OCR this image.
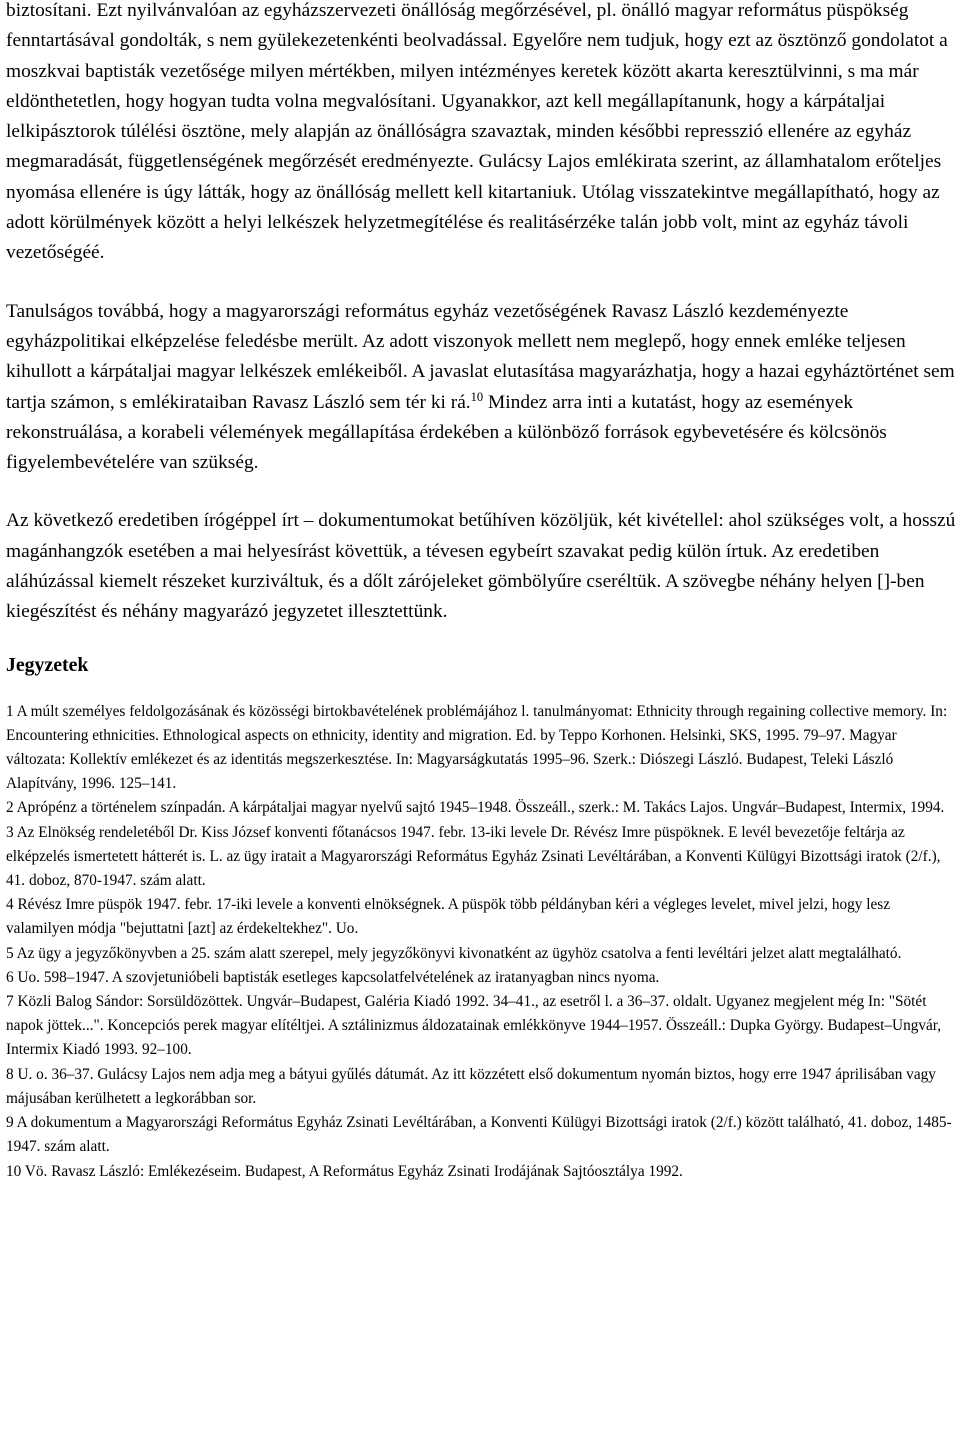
biztosítani. Ezt nyilvánvalóan az egyházszervezeti önállóság megőrzésével, pl. önálló magyar református püspökség fenntartásával gondolták, s nem gyülekezetenkénti beolvadással. Egyelőre nem tudjuk, hogy ezt az ösztönző gondolatot a moszkvai baptisták vezetősége milyen mértékben, milyen intézményes keretek között akarta keresztülvinni, s ma már eldönthetetlen, hogy hogyan tudta volna megvalósítani. Ugyanakkor, azt kell megállapítanunk, hogy a kárpátaljai lelkipásztorok túlélési ösztöne, mely alapján az önállóságra szavaztak, minden későbbi represszió ellenére az egyház megmaradását, függetlenségének megőrzését eredményezte. Gulácsy Lajos emlékirata szerint, az államhatalom erőteljes nyomása ellenére is úgy látták, hogy az önállóság mellett kell kitartaniuk. Utólag visszatekintve megállapítható, hogy az adott körülmények között a helyi lelkészek helyzetmegítélése és realitásérzéke talán jobb volt, mint az egyház távoli vezetőségéé.

Tanulságos továbbá, hogy a magyarországi református egyház vezetőségének Ravasz László kezdeményezte egyházpolitikai elképzelése feledésbe merült. Az adott viszonyok mellett nem meglepő, hogy ennek emléke teljesen kihullott a kárpátaljai magyar lelkészek emlékeiből. A javaslat elutasítása magyarázhatja, hogy a hazai egyháztörténet sem tartja számon, s emlékirataiban Ravasz László sem tér ki rá.$^{10}$ Mindez arra inti a kutatást, hogy az események rekonstruálása, a korabeli vélemények megállapítása érdekében a különböző források egybevetésére és kölcsönös figyelembevételére van szükség.

Az következő eredetiben írógéppel írt – dokumentumokat betűhíven közöljük, két kivétellel: ahol szükséges volt, a hosszú magánhangzók esetében a mai helyesírást követtük, a tévesen egybeírt szavakat pedig külön írtuk. Az eredetiben aláhúzással kiemelt részeket kurziváltuk, és a dőlt zárójeleket gömbölyűre cseréltük. A szövegbe néhány helyen []-ben kiegészítést és néhány magyarázó jegyzetet illesztettünk.

Jegyzetek

1 A múlt személyes feldolgozásának és közösségi birtokbavételének problémájához l. tanulmányomat: Ethnicity through regaining collective memory. In: Encountering ethnicities. Ethnological aspects on ethnicity, identity and migration. Ed. by Teppo Korhonen. Helsinki, SKS, 1995. 79–97. Magyar változata: Kollektív emlékezet és az identitás megszerkesztése. In: Magyarságkutatás 1995–96. Szerk.: Diószegi László. Budapest, Teleki László Alapítvány, 1996. 125–141.

2 Aprópénz a történelem színpadán. A kárpátaljai magyar nyelvű sajtó 1945–1948. Összeáll., szerk.: M. Takács Lajos. Ungvár–Budapest, Intermix, 1994.

3 Az Elnökség rendeletéből Dr. Kiss József konventi főtanácsos 1947. febr. 13-iki levele Dr. Révész Imre püspöknek. E levél bevezetője feltárja az elképzelés ismertetett hátterét is. L. az ügy iratait a Magyarországi Református Egyház Zsinati Levéltárában, a Konventi Külügyi Bizottsági iratok (2/f.), 41. doboz, 870-1947. szám alatt.

4 Révész Imre püspök 1947. febr. 17-iki levele a konventi elnökségnek. A püspök több példányban kéri a végleges levelet, mivel jelzi, hogy lesz valamilyen módja "bejuttatni [azt] az érdekeltekhez". Uo.

5 Az ügy a jegyzőkönyvben a 25. szám alatt szerepel, mely jegyzőkönyvi kivonatként az ügyhöz csatolva a fenti levéltári jelzet alatt megtalálható.

6 Uo. 598–1947. A szovjetunióbeli baptisták esetleges kapcsolatfelvételének az iratanyagban nincs nyoma.

7 Közli Balog Sándor: Sorsüldözöttek. Ungvár–Budapest, Galéria Kiadó 1992. 34–41., az esetről l. a 36–37. oldalt. Ugyanez megjelent még In: "Sötét napok jöttek...". Koncepciós perek magyar elítéltjei. A sztálinizmus áldozatainak emlékkönyve 1944–1957. Összeáll.: Dupka György. Budapest–Ungvár, Intermix Kiadó 1993. 92–100.

8 U. o. 36–37. Gulácsy Lajos nem adja meg a bátyui gyűlés dátumát. Az itt közzétett első dokumentum nyomán biztos, hogy erre 1947 áprilisában vagy májusában kerülhetett a legkorábban sor.

9 A dokumentum a Magyarországi Református Egyház Zsinati Levéltárában, a Konventi Külügyi Bizottsági iratok (2/f.) között található, 41. doboz, 1485-1947. szám alatt.

10 Vö. Ravasz László: Emlékezéseim. Budapest, A Református Egyház Zsinati Irodájának Sajtóosztálya 1992.
